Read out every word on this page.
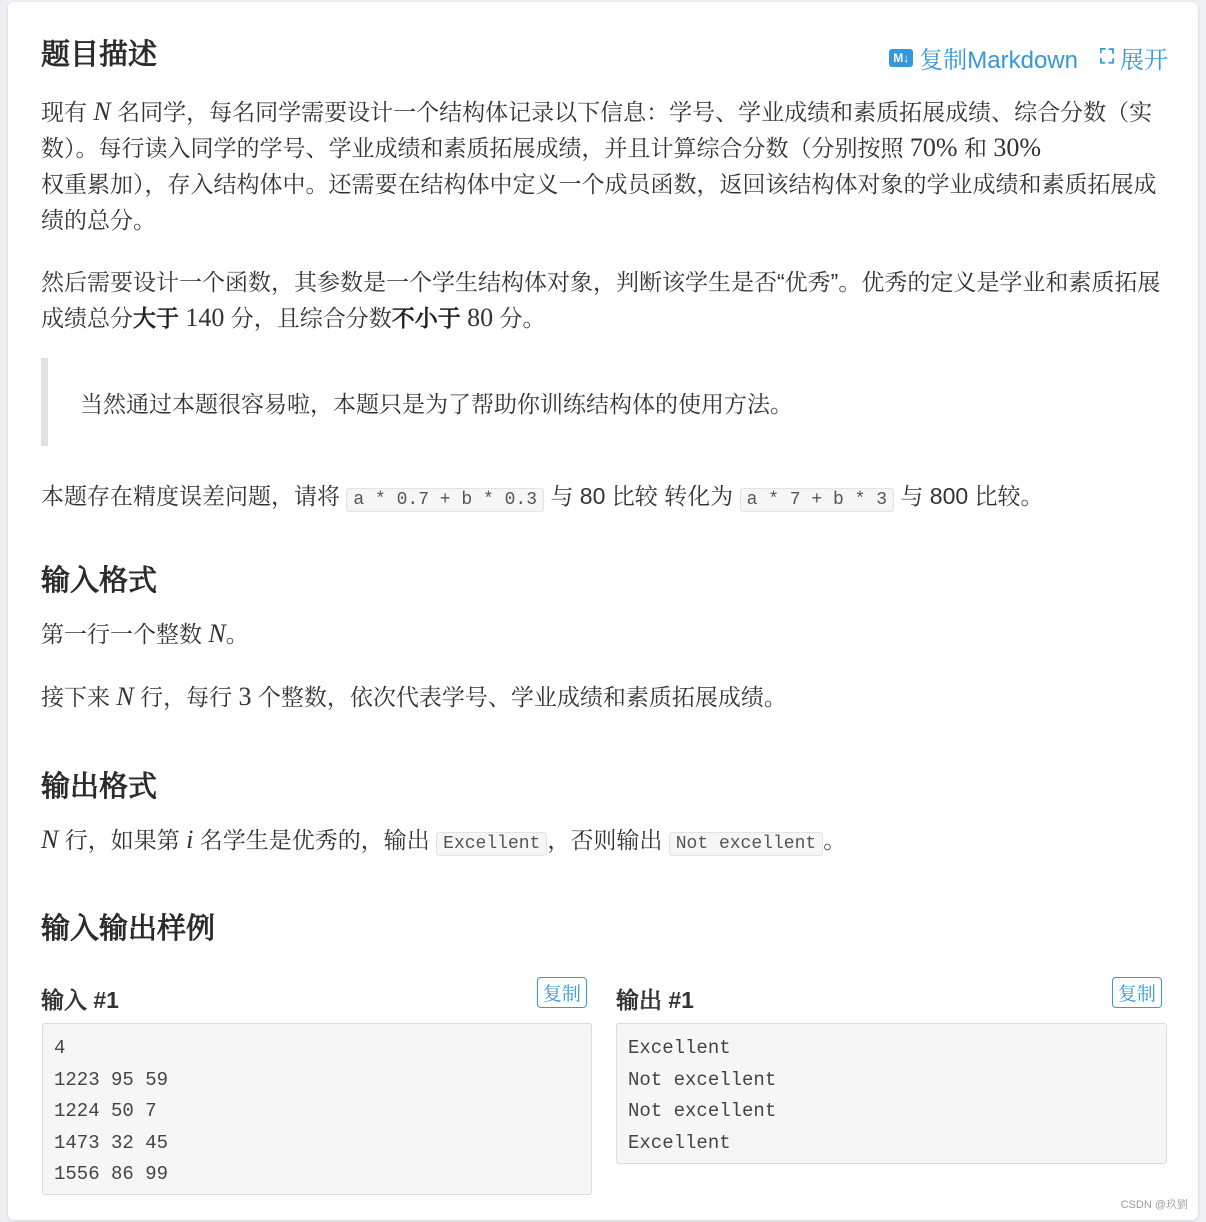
题目描述	M↓ 复制Markdown ⛶ 展开

现有 N 名同学，每名同学需要设计一个结构体记录以下信息：学号、学业成绩和素质拓展成绩、综合分数（实数）。每行读入同学的学号、学业成绩和素质拓展成绩，并且计算综合分数（分别按照 70% 和 30%
权重累加），存入结构体中。还需要在结构体中定义一个成员函数，返回该结构体对象的学业成绩和素质拓展成绩的总分。

然后需要设计一个函数，其参数是一个学生结构体对象，判断该学生是否“优秀”。优秀的定义是学业和素质拓展成绩总分大于 140 分，且综合分数不小于 80 分。

当然通过本题很容易啦，本题只是为了帮助你训练结构体的使用方法。

本题存在精度误差问题，请将 a * 0.7 + b * 0.3 与 80 比较 转化为 a * 7 + b * 3 与 800 比较。

输入格式

第一行一个整数 N。

接下来 N 行，每行 3 个整数，依次代表学号、学业成绩和素质拓展成绩。

输出格式

N 行，如果第 i 名学生是优秀的，输出 Excellent ，否则输出 Not excellent 。

输入输出样例
输入 #1	复制
4
1223 95 59
1224 50 7
1473 32 45
1556 86 99
输出 #1	复制
Excellent
Not excellent
Not excellent
Excellent
CSDN @玖劉
